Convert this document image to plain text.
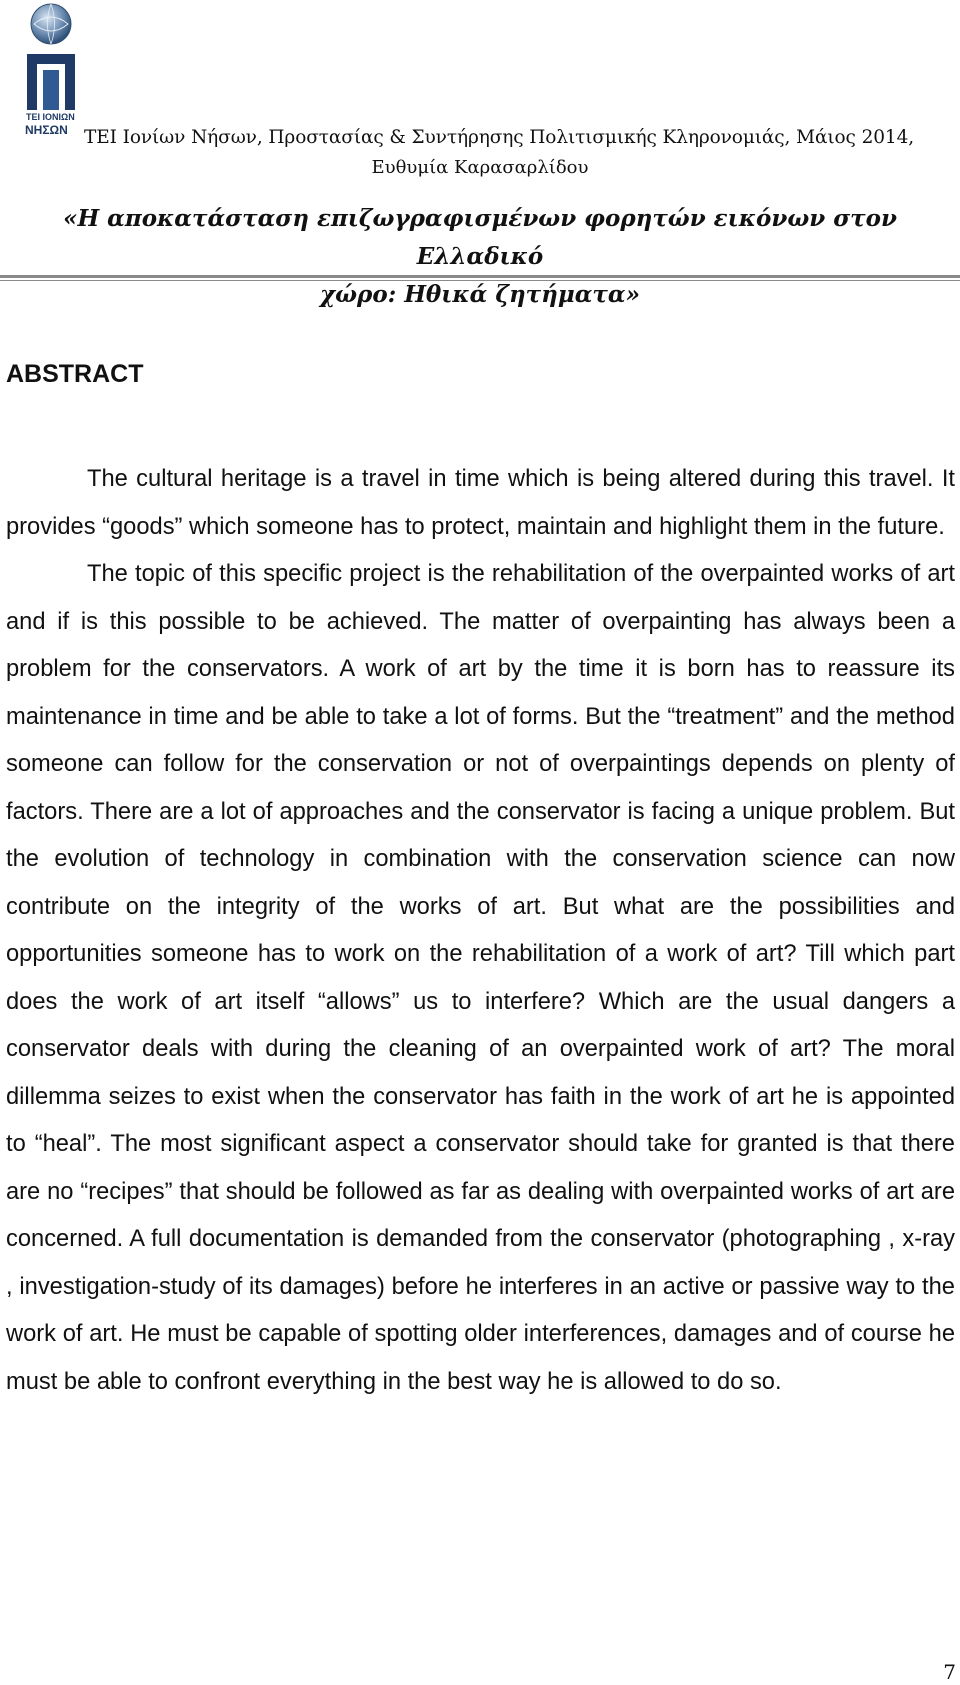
ΤΕΙ ΙΟΝΙΩΝ
ΝΗΣΩΝ ΤΕΙ Ιονίων Νήσων, Προστασίας & Συντήρησης Πολιτισμικής Κληρονομιάς, Μάιος 2014,
Ευθυμία Καρασαρλίδου
«Η αποκατάσταση επιζωγραφισμένων φορητών εικόνων στον Ελλαδικό
χώρο: Ηθικά ζητήματα»
ABSTRACT

The cultural heritage is a travel in time which is being altered during this travel. It provides “goods” which someone has to protect, maintain and highlight them in the future.

The topic of this specific project is the rehabilitation of the overpainted works of art and if is this possible to be achieved. The matter of overpainting has always been a problem for the conservators. A work of art by the time it is born has to reassure its maintenance in time and be able to take a lot of forms. But the “treatment” and the method someone can follow for the conservation or not of overpaintings depends on plenty of factors. There are a lot of approaches and the conservator is facing a unique problem. But the evolution of technology in combination with the conservation science can now contribute on the integrity of the works of art. But what are the possibilities and opportunities someone has to work on the rehabilitation of a work of art? Till which part does the work of art itself “allows” us to interfere? Which are the usual dangers a conservator deals with during the cleaning of an overpainted work of art? The moral dillemma seizes to exist when the conservator has faith in the work of art he is appointed to “heal”. The most significant aspect a conservator should take for granted is that there are no “recipes” that should be followed as far as dealing with overpainted works of art are concerned. A full documentation is demanded from the conservator (photographing , x-ray , investigation-study of its damages) before he interferes in an active or passive way to the work of art. He must be capable of spotting older interferences, damages and of course he must be able to confront everything in the best way he is allowed to do so.

7
